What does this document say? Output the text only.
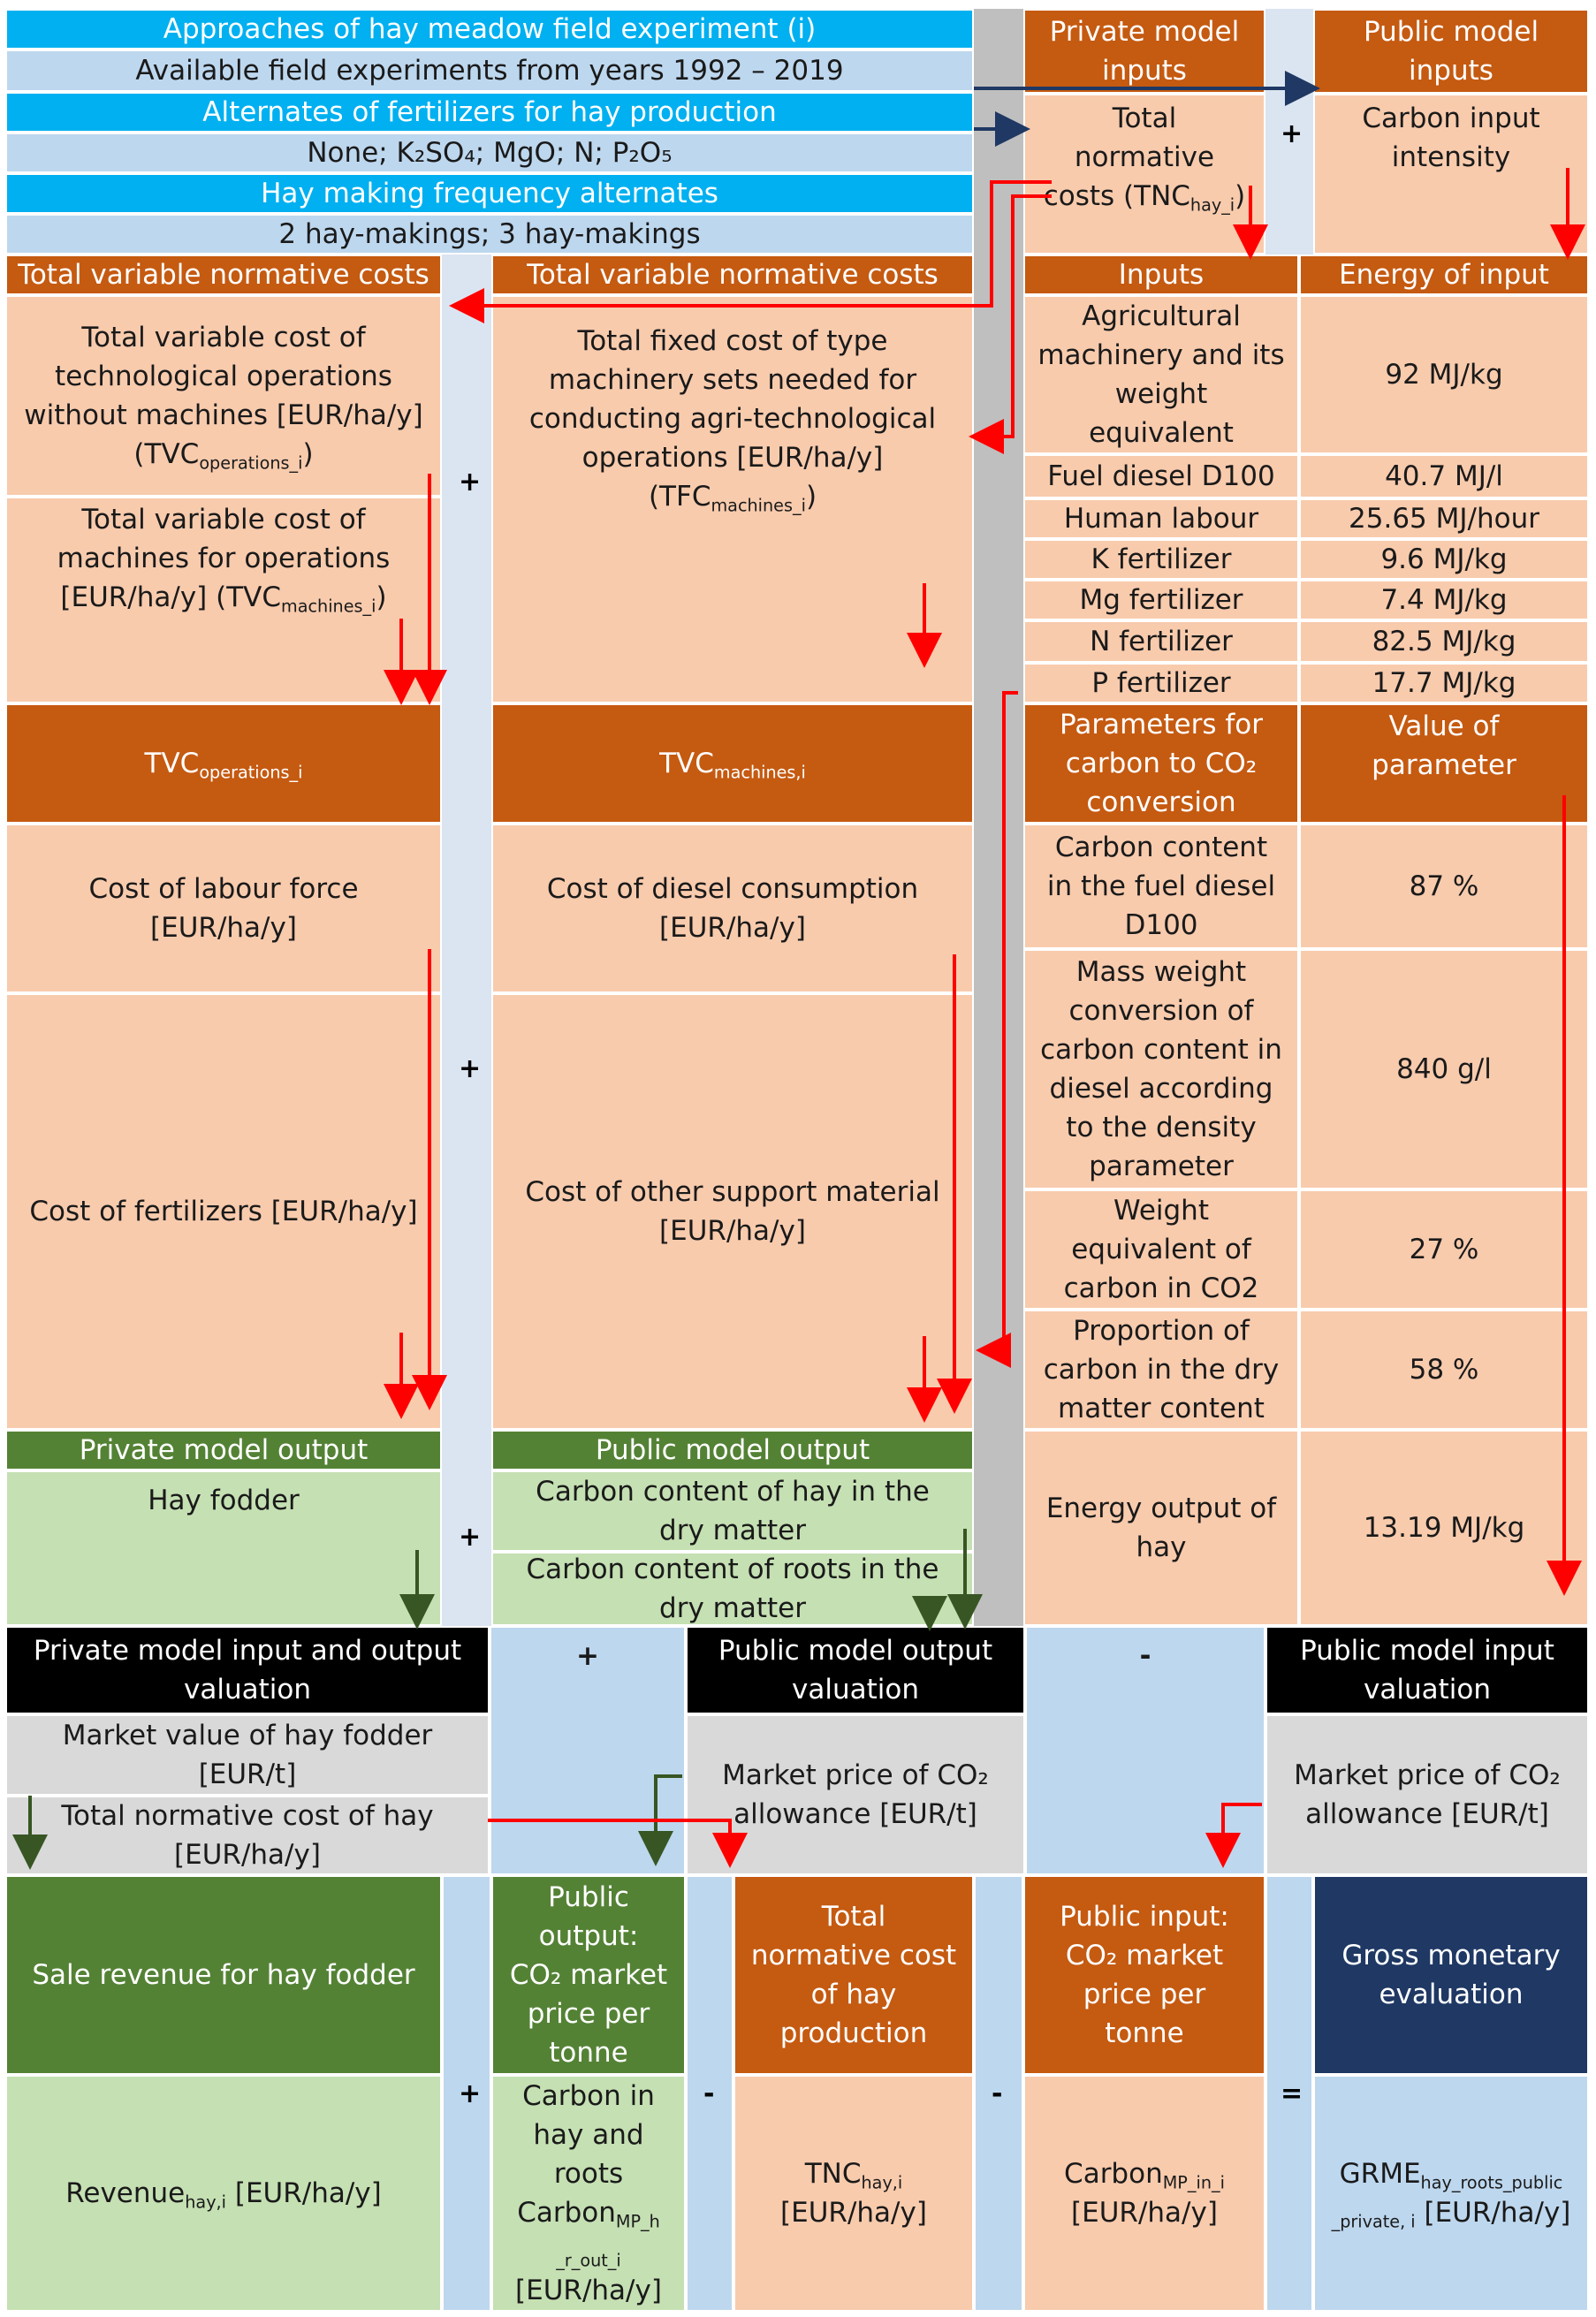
Approaches of hay meadow field experiment (i)
Available field experiments from years 1992 – 2019
Alternates of fertilizers for hay production
None; K₂SO₄; MgO; N; P₂O₅
Hay making frequency alternates
2 hay-makings; 3 hay-makings
Private model
inputs
Public model
inputs
Total
normative
costs $(TNC_{hay\_i})$
Carbon input
intensity
+
Total variable normative costs	Total variable normative costs
Total variable cost of
technological operations
without machines [EUR/ha/y]
$(TVC_{operations\_i})$
Total variable cost of
machines for operations
[EUR/ha/y] $(TVC_{machines\_i})$
Total fixed cost of type
machinery sets needed for
conducting agri-technological
operations [EUR/ha/y]
$(TFC_{machines\_i})$
+
$TVC_{operations\_i}$	$TVC_{machines,i}$
Cost of labour force
[EUR/ha/y]
Cost of diesel consumption
[EUR/ha/y]
Cost of fertilizers [EUR/ha/y]
Cost of other support material
[EUR/ha/y]
+
Inputs	Energy of input
Agricultural
machinery and its
weight
equivalent
92 MJ/kg
Fuel diesel D100	40.7 MJ/l
Human labour	25.65 MJ/hour
K fertilizer	9.6 MJ/kg
Mg fertilizer	7.4 MJ/kg
N fertilizer	82.5 MJ/kg
P fertilizer	17.7 MJ/kg
Parameters for
carbon to CO₂
conversion
Value of
parameter
Carbon content
in the fuel diesel
D100
87 %
Mass weight
conversion of
carbon content in
diesel according
to the density
parameter
840 g/l
Weight
equivalent of
carbon in CO2
27 %
Proportion of
carbon in the dry
matter content
58 %
Energy output of
hay
13.19 MJ/kg
Private model output
Hay fodder
Public model output
Carbon content of hay in the
dry matter
Carbon content of roots in the
dry matter
+
Private model input and output
valuation
+	Public model output
valuation
-	Public model input
valuation
Market value of hay fodder
[EUR/t]
Total normative cost of hay
[EUR/ha/y]
Market price of CO₂
allowance [EUR/t]
Market price of CO₂
allowance [EUR/t]
Sale revenue for hay fodder
Public
output:
CO₂ market
price per
tonne
Total
normative cost
of hay
production
Public input:
CO₂ market
price per
tonne
Gross monetary
evaluation
Revenue$_{hay,i}$ [EUR/ha/y]
Carbon in
hay and
roots
Carbon$_{MP\_h \_r\_out\_i}$
[EUR/ha/y]
$TNC_{hay,i}$
[EUR/ha/y]
Carbon$_{MP\_in\_i}$
[EUR/ha/y]
$GRME_{hay\_roots\_public \_private, i}$ [EUR/ha/y]
+	-	-	=
